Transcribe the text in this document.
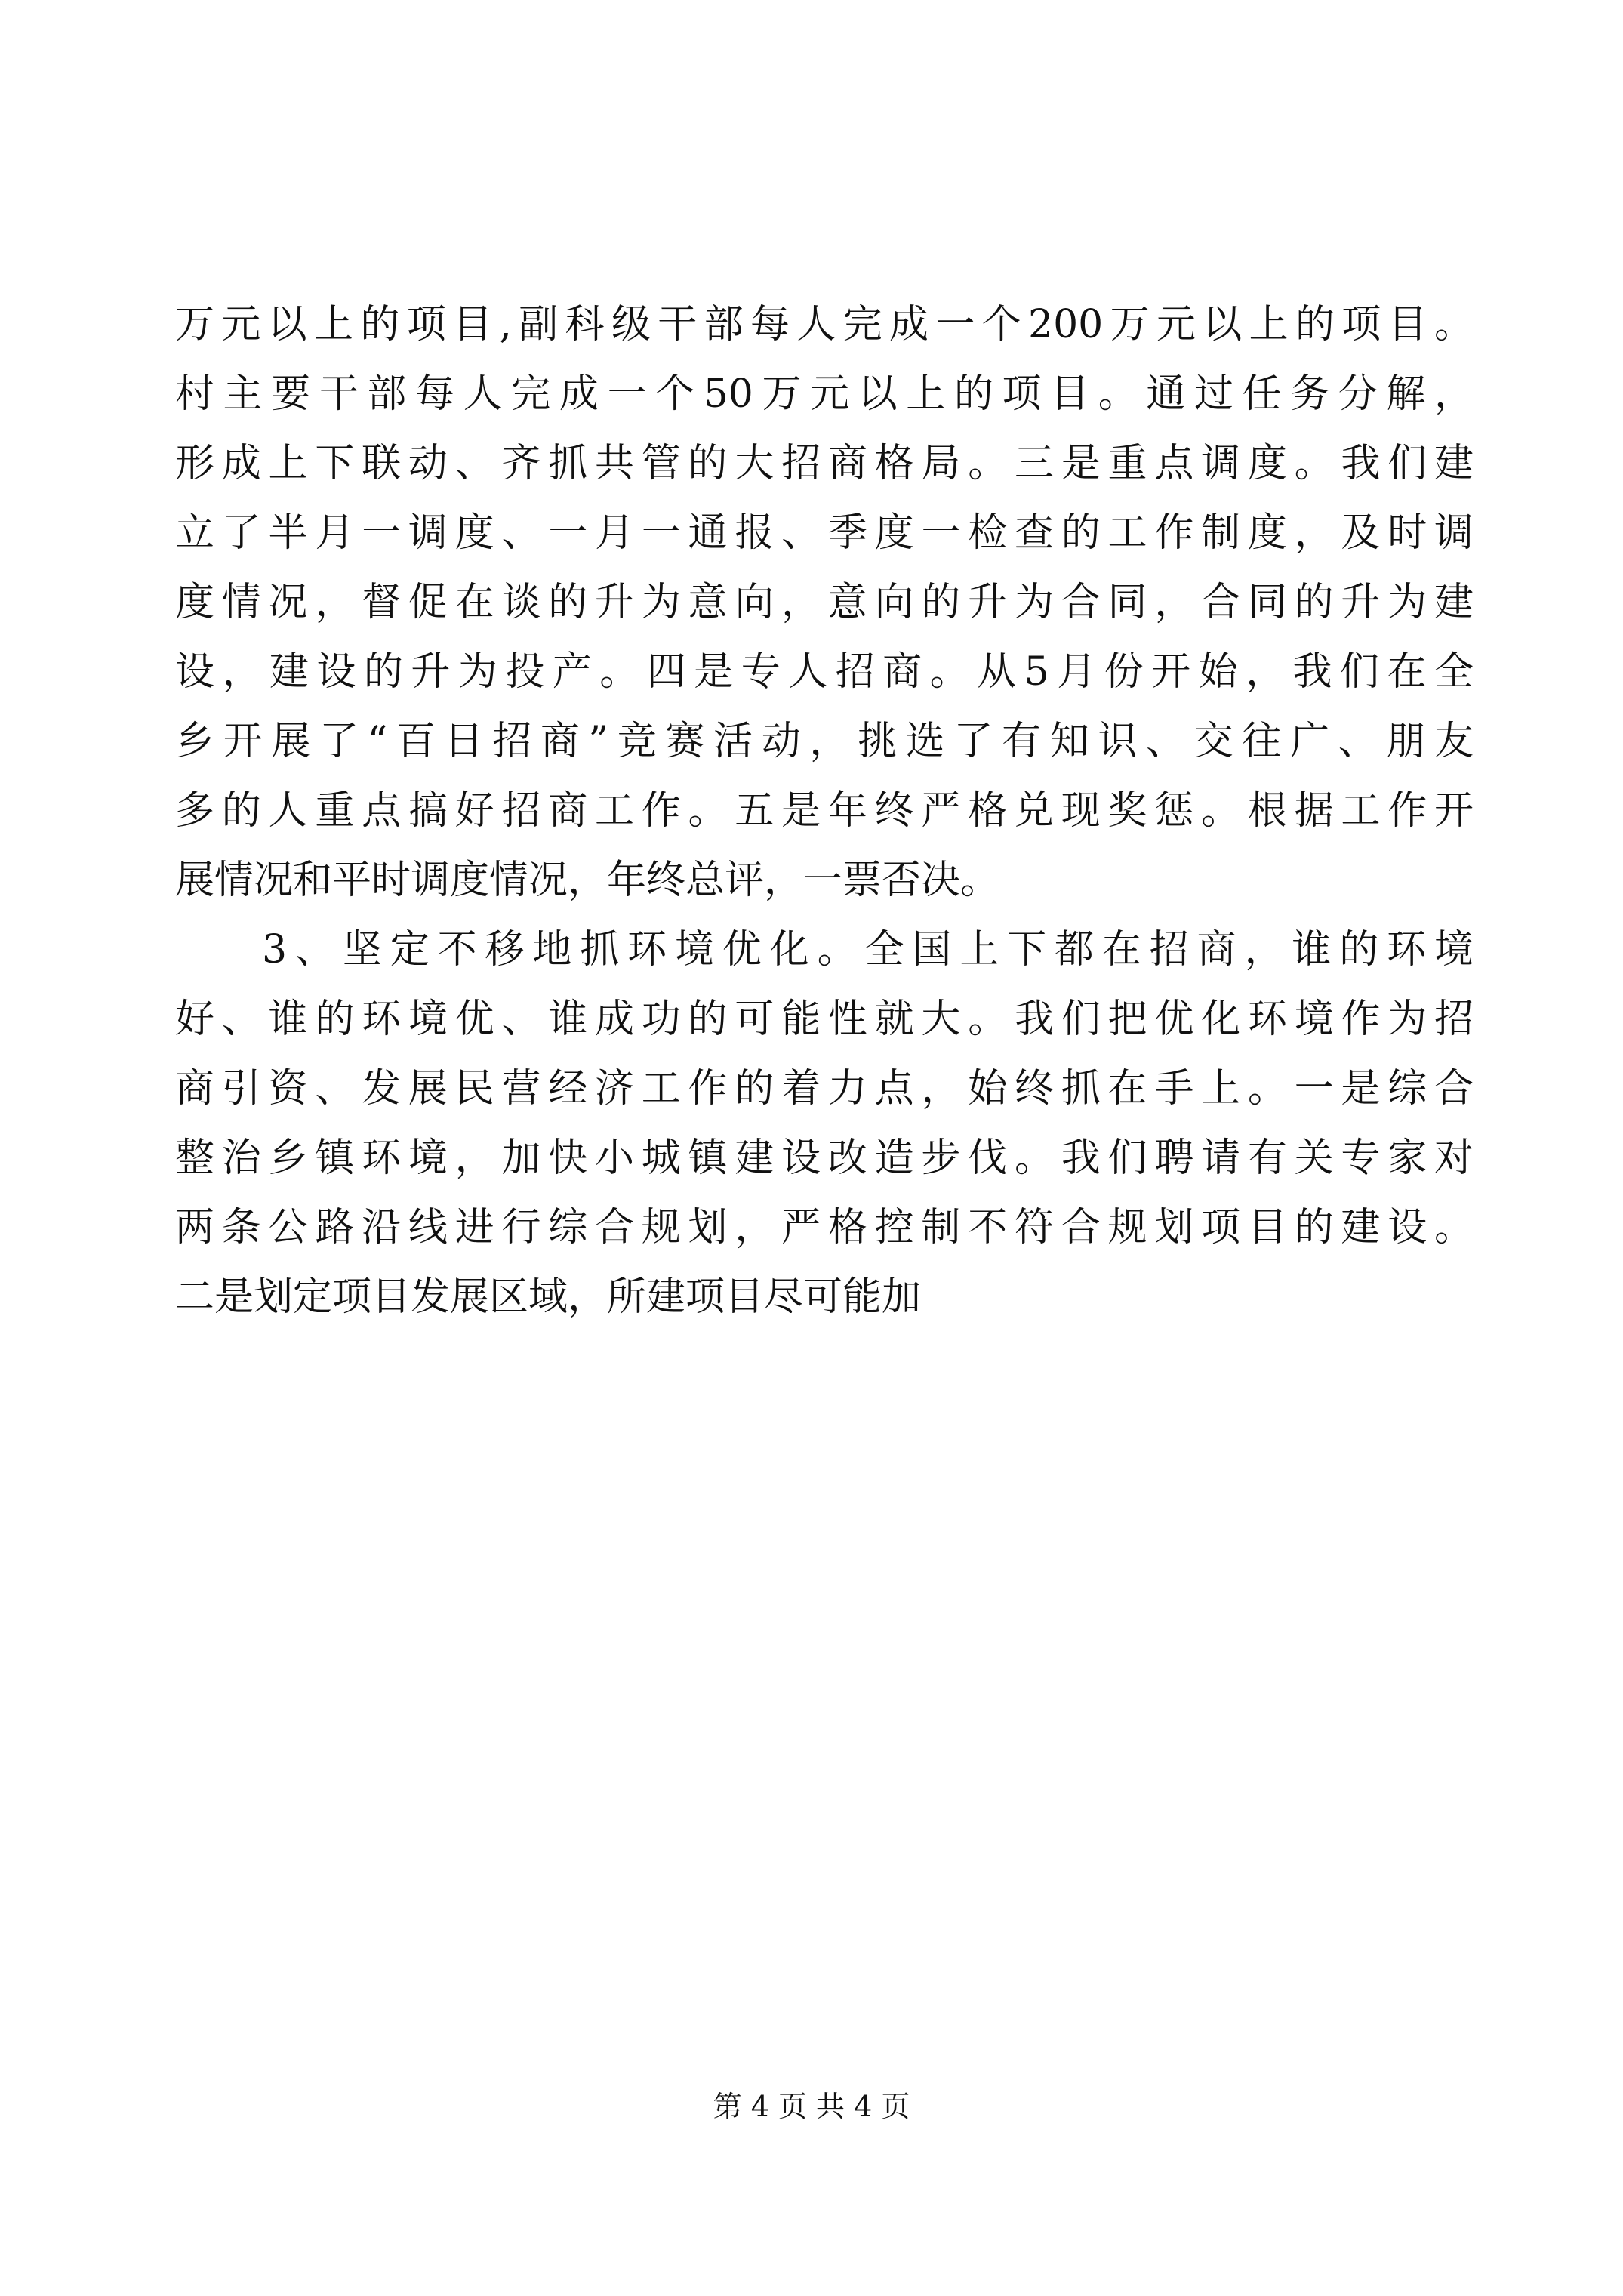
万元以上的项目,副科级干部每人完成一个200万元以上的项目。
村主要干部每人完成一个50万元以上的项目。通过任务分解，
形成上下联动、齐抓共管的大招商格局。三是重点调度。我们建
立了半月一调度、一月一通报、季度一检查的工作制度，及时调
度情况，督促在谈的升为意向，意向的升为合同，合同的升为建
设，建设的升为投产。四是专人招商。从5月份开始，我们在全
乡开展了“百日招商”竞赛活动，挑选了有知识、交往广、朋友
多的人重点搞好招商工作。五是年终严格兑现奖惩。根据工作开
展情况和平时调度情况，年终总评，一票否决。
3、坚定不移地抓环境优化。全国上下都在招商，谁的环境
好、谁的环境优、谁成功的可能性就大。我们把优化环境作为招
商引资、发展民营经济工作的着力点，始终抓在手上。一是综合
整治乡镇环境，加快小城镇建设改造步伐。我们聘请有关专家对
两条公路沿线进行综合规划，严格控制不符合规划项目的建设。
二是划定项目发展区域，所建项目尽可能加
第 4 页 共 4 页
